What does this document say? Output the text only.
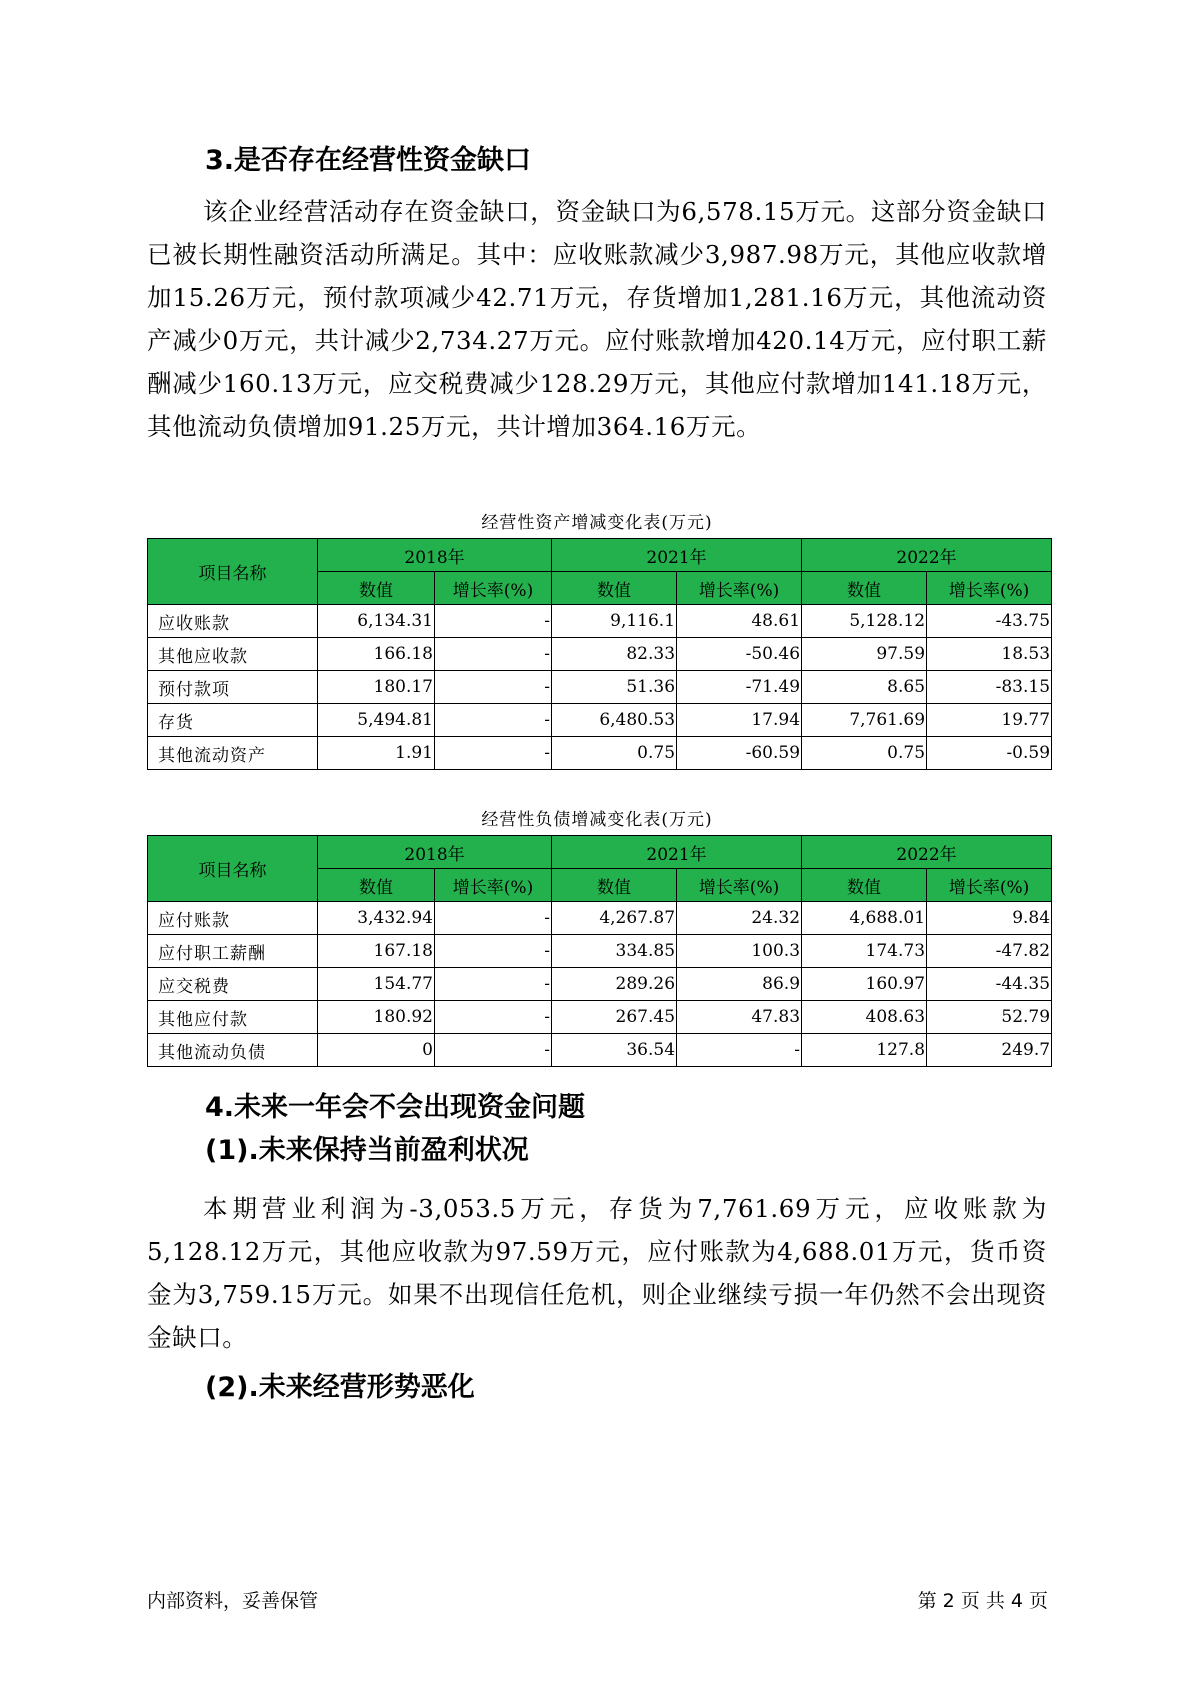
3.是否存在经营性资金缺口

该企业经营活动存在资金缺口，资金缺口为6,578.15万元。这部分资金缺口已被长期性融资活动所满足。其中：应收账款减少3,987.98万元，其他应收款增加15.26万元，预付款项减少42.71万元，存货增加1,281.16万元，其他流动资产减少0万元，共计减少2,734.27万元。应付账款增加420.14万元，应付职工薪酬减少160.13万元，应交税费减少128.29万元，其他应付款增加141.18万元，其他流动负债增加91.25万元，共计增加364.16万元。

经营性资产增减变化表(万元)
项目名称	2018年		2021年		2022年	
	数值	增长率(%)	数值	增长率(%)	数值	增长率(%)
应收账款	6,134.31	-	9,116.1	48.61	5,128.12	-43.75
其他应收款	166.18	-	82.33	-50.46	97.59	18.53
预付款项	180.17	-	51.36	-71.49	8.65	-83.15
存货	5,494.81	-	6,480.53	17.94	7,761.69	19.77
其他流动资产	1.91	-	0.75	-60.59	0.75	-0.59
经营性负债增减变化表(万元)
项目名称	2018年		2021年		2022年	
	数值	增长率(%)	数值	增长率(%)	数值	增长率(%)
应付账款	3,432.94	-	4,267.87	24.32	4,688.01	9.84
应付职工薪酬	167.18	-	334.85	100.3	174.73	-47.82
应交税费	154.77	-	289.26	86.9	160.97	-44.35
其他应付款	180.92	-	267.45	47.83	408.63	52.79
其他流动负债	0	-	36.54	-	127.8	249.7
4.未来一年会不会出现资金问题
(1).未来保持当前盈利状况

本期营业利润为-3,053.5万元，存货为7,761.69万元，应收账款为5,128.12万元，其他应收款为97.59万元，应付账款为4,688.01万元，货币资金为3,759.15万元。如果不出现信任危机，则企业继续亏损一年仍然不会出现资金缺口。

(2).未来经营形势恶化
内部资料，妥善保管	第 2 页 共 4 页
